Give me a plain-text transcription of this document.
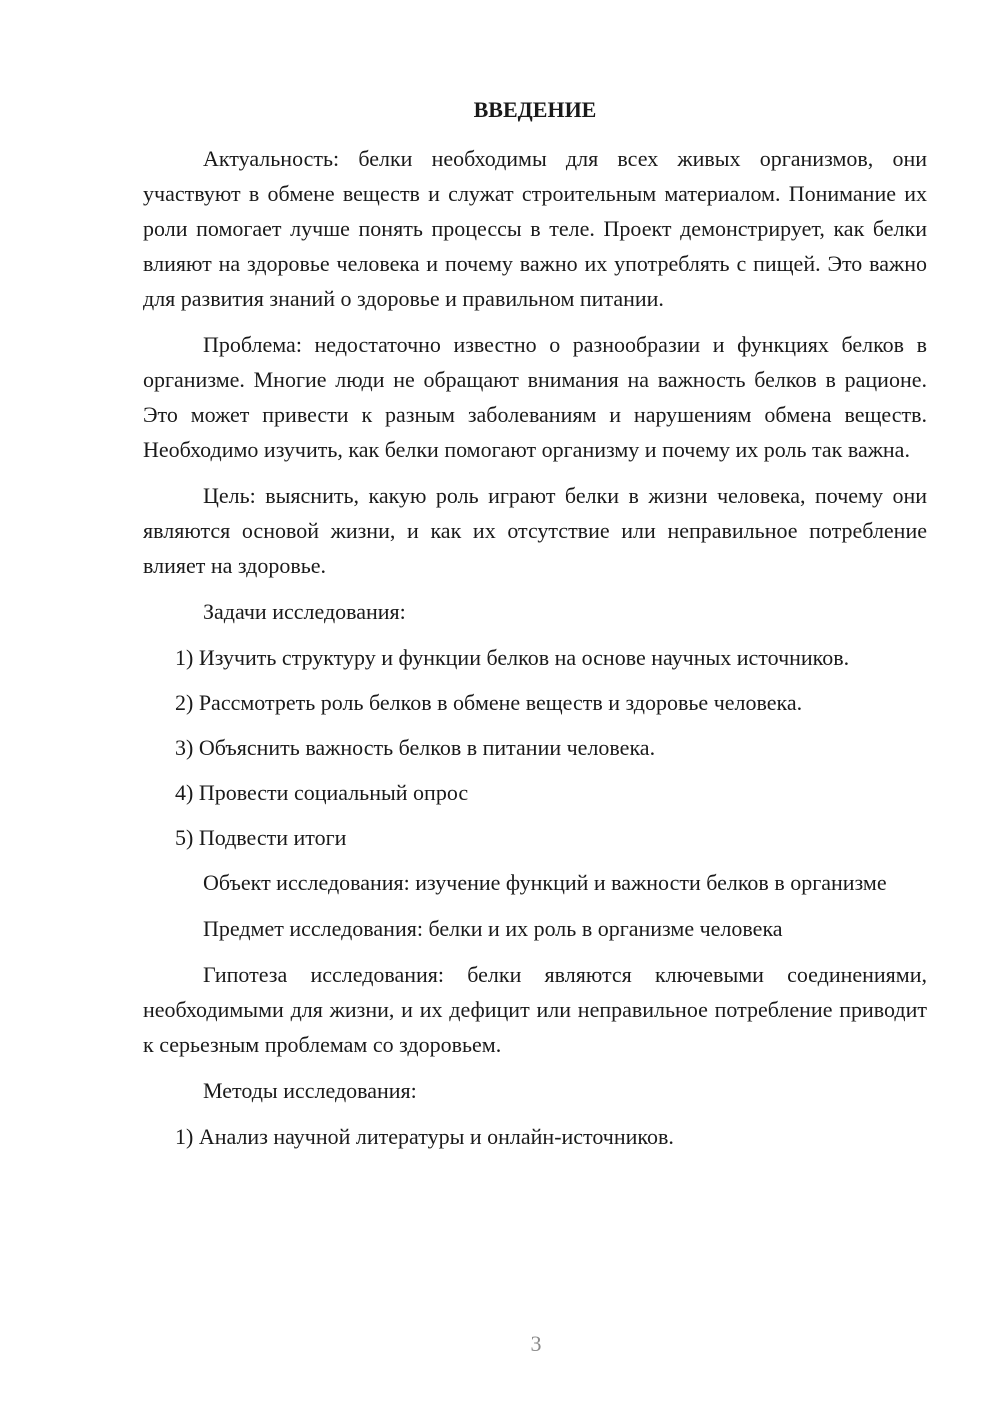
ВВЕДЕНИЕ

Актуальность: белки необходимы для всех живых организмов, они участвуют в обмене веществ и служат строительным материалом. Понимание их роли помогает лучше понять процессы в теле. Проект демонстрирует, как белки влияют на здоровье человека и почему важно их употреблять с пищей. Это важно для развития знаний о здоровье и правильном питании.

Проблема: недостаточно известно о разнообразии и функциях белков в организме. Многие люди не обращают внимания на важность белков в рационе. Это может привести к разным заболеваниям и нарушениям обмена веществ. Необходимо изучить, как белки помогают организму и почему их роль так важна.

Цель: выяснить, какую роль играют белки в жизни человека, почему они являются основой жизни, и как их отсутствие или неправильное потребление влияет на здоровье.

Задачи исследования:

1) Изучить структуру и функции белков на основе научных источников.

2) Рассмотреть роль белков в обмене веществ и здоровье человека.

3) Объяснить важность белков в питании человека.

4) Провести социальный опрос

5) Подвести итоги

Объект исследования: изучение функций и важности белков в организме

Предмет исследования: белки и их роль в организме человека

Гипотеза исследования: белки являются ключевыми соединениями, необходимыми для жизни, и их дефицит или неправильное потребление приводит к серьезным проблемам со здоровьем.

Методы исследования:

1) Анализ научной литературы и онлайн-источников.

3
